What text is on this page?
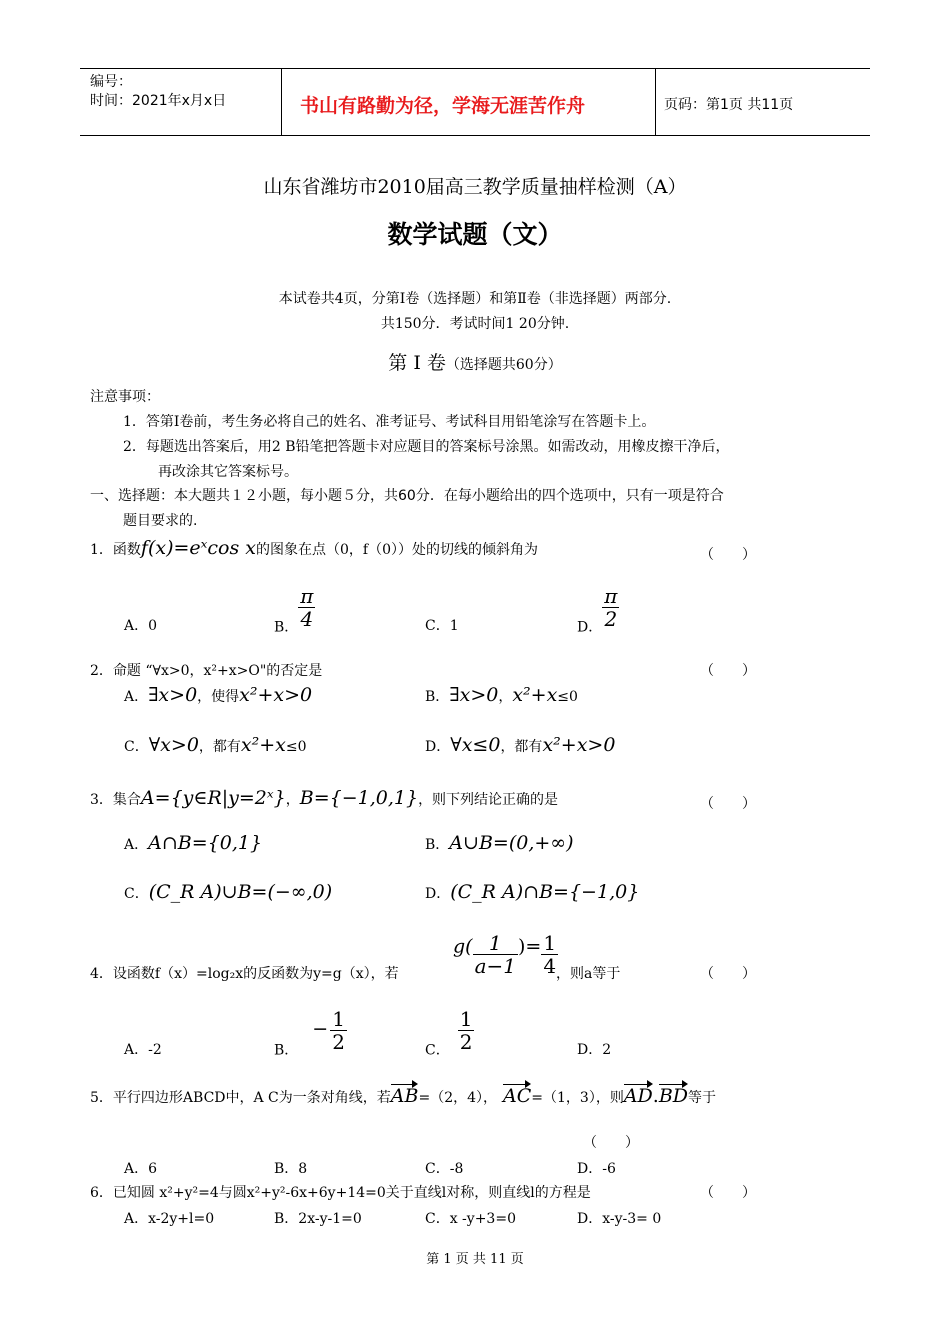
编号：
时间：2021年x月x日	书山有路勤为径，学海无涯苦作舟	页码：第1页 共11页
山东省潍坊市2010届高三教学质量抽样检测（A）
数学试题（文）
本试卷共4页，分第Ⅰ卷（选择题）和第Ⅱ卷（非选择题）两部分.
共150分．考试时间1 20分钟.
第 Ⅰ 卷（选择题共60分）
注意事项：
1．答第Ⅰ卷前，考生务必将自己的姓名、准考证号、考试科目用铅笔涂写在答题卡上。
2．每题选出答案后，用2 B铅笔把答题卡对应题目的答案标号涂黑。如需改动，用橡皮擦干净后，
再改涂其它答案标号。
一、选择题：本大题共１２小题，每小题５分，共60分．在每小题给出的四个选项中，只有一项是符合
题目要求的.
1．函数f(x)=eˣcos x的图象在点（0，f（0））处的切线的倾斜角为	（　　）
A．0	B． $\frac{\pi}{4}$	C．1	D． $\frac{\pi}{2}$
2．命题 “∀x>0，x²+x>O"的否定是	（　　）
A．∃x>0，使得x²+x>0	B．∃x>0，x²+x≤0
C．∀x>0，都有x²+x≤0	D．∀x≤0，都有x²+x>0
3．集合A={y∈R|y=2ˣ}，B={−1,0,1}，则下列结论正确的是	（　　）
A．A∩B={0,1}	B．A∪B=(0,+∞)
C．(C_R A)∪B=(−∞,0)	D．(C_R A)∩B={−1,0}
4．设函数f（x）=log₂x的反函数为y=g（x），若
$g( \frac{1}{a-1}$ )= $\frac{1}{4}$
，则a等于	（　　）
A．-2	B．− $\frac{1}{2}$	C． $\frac{1}{2}$	D．2
5．平行四边形ABCD中，A C为一条对角线，若AB=（2，4）， AC=（1，3），则AD.BD等于
（　　）
A．6	B．8	C．-8	D．-6
6．已知圆 x²+y²=4与圆x²+y²-6x+6y+14=0关于直线l对称，则直线l的方程是	（　　）
A．x-2y+l=0	B．2x-y-1=0	C．x -y+3=0	D．x-y-3= 0
第 1 页 共 11 页
